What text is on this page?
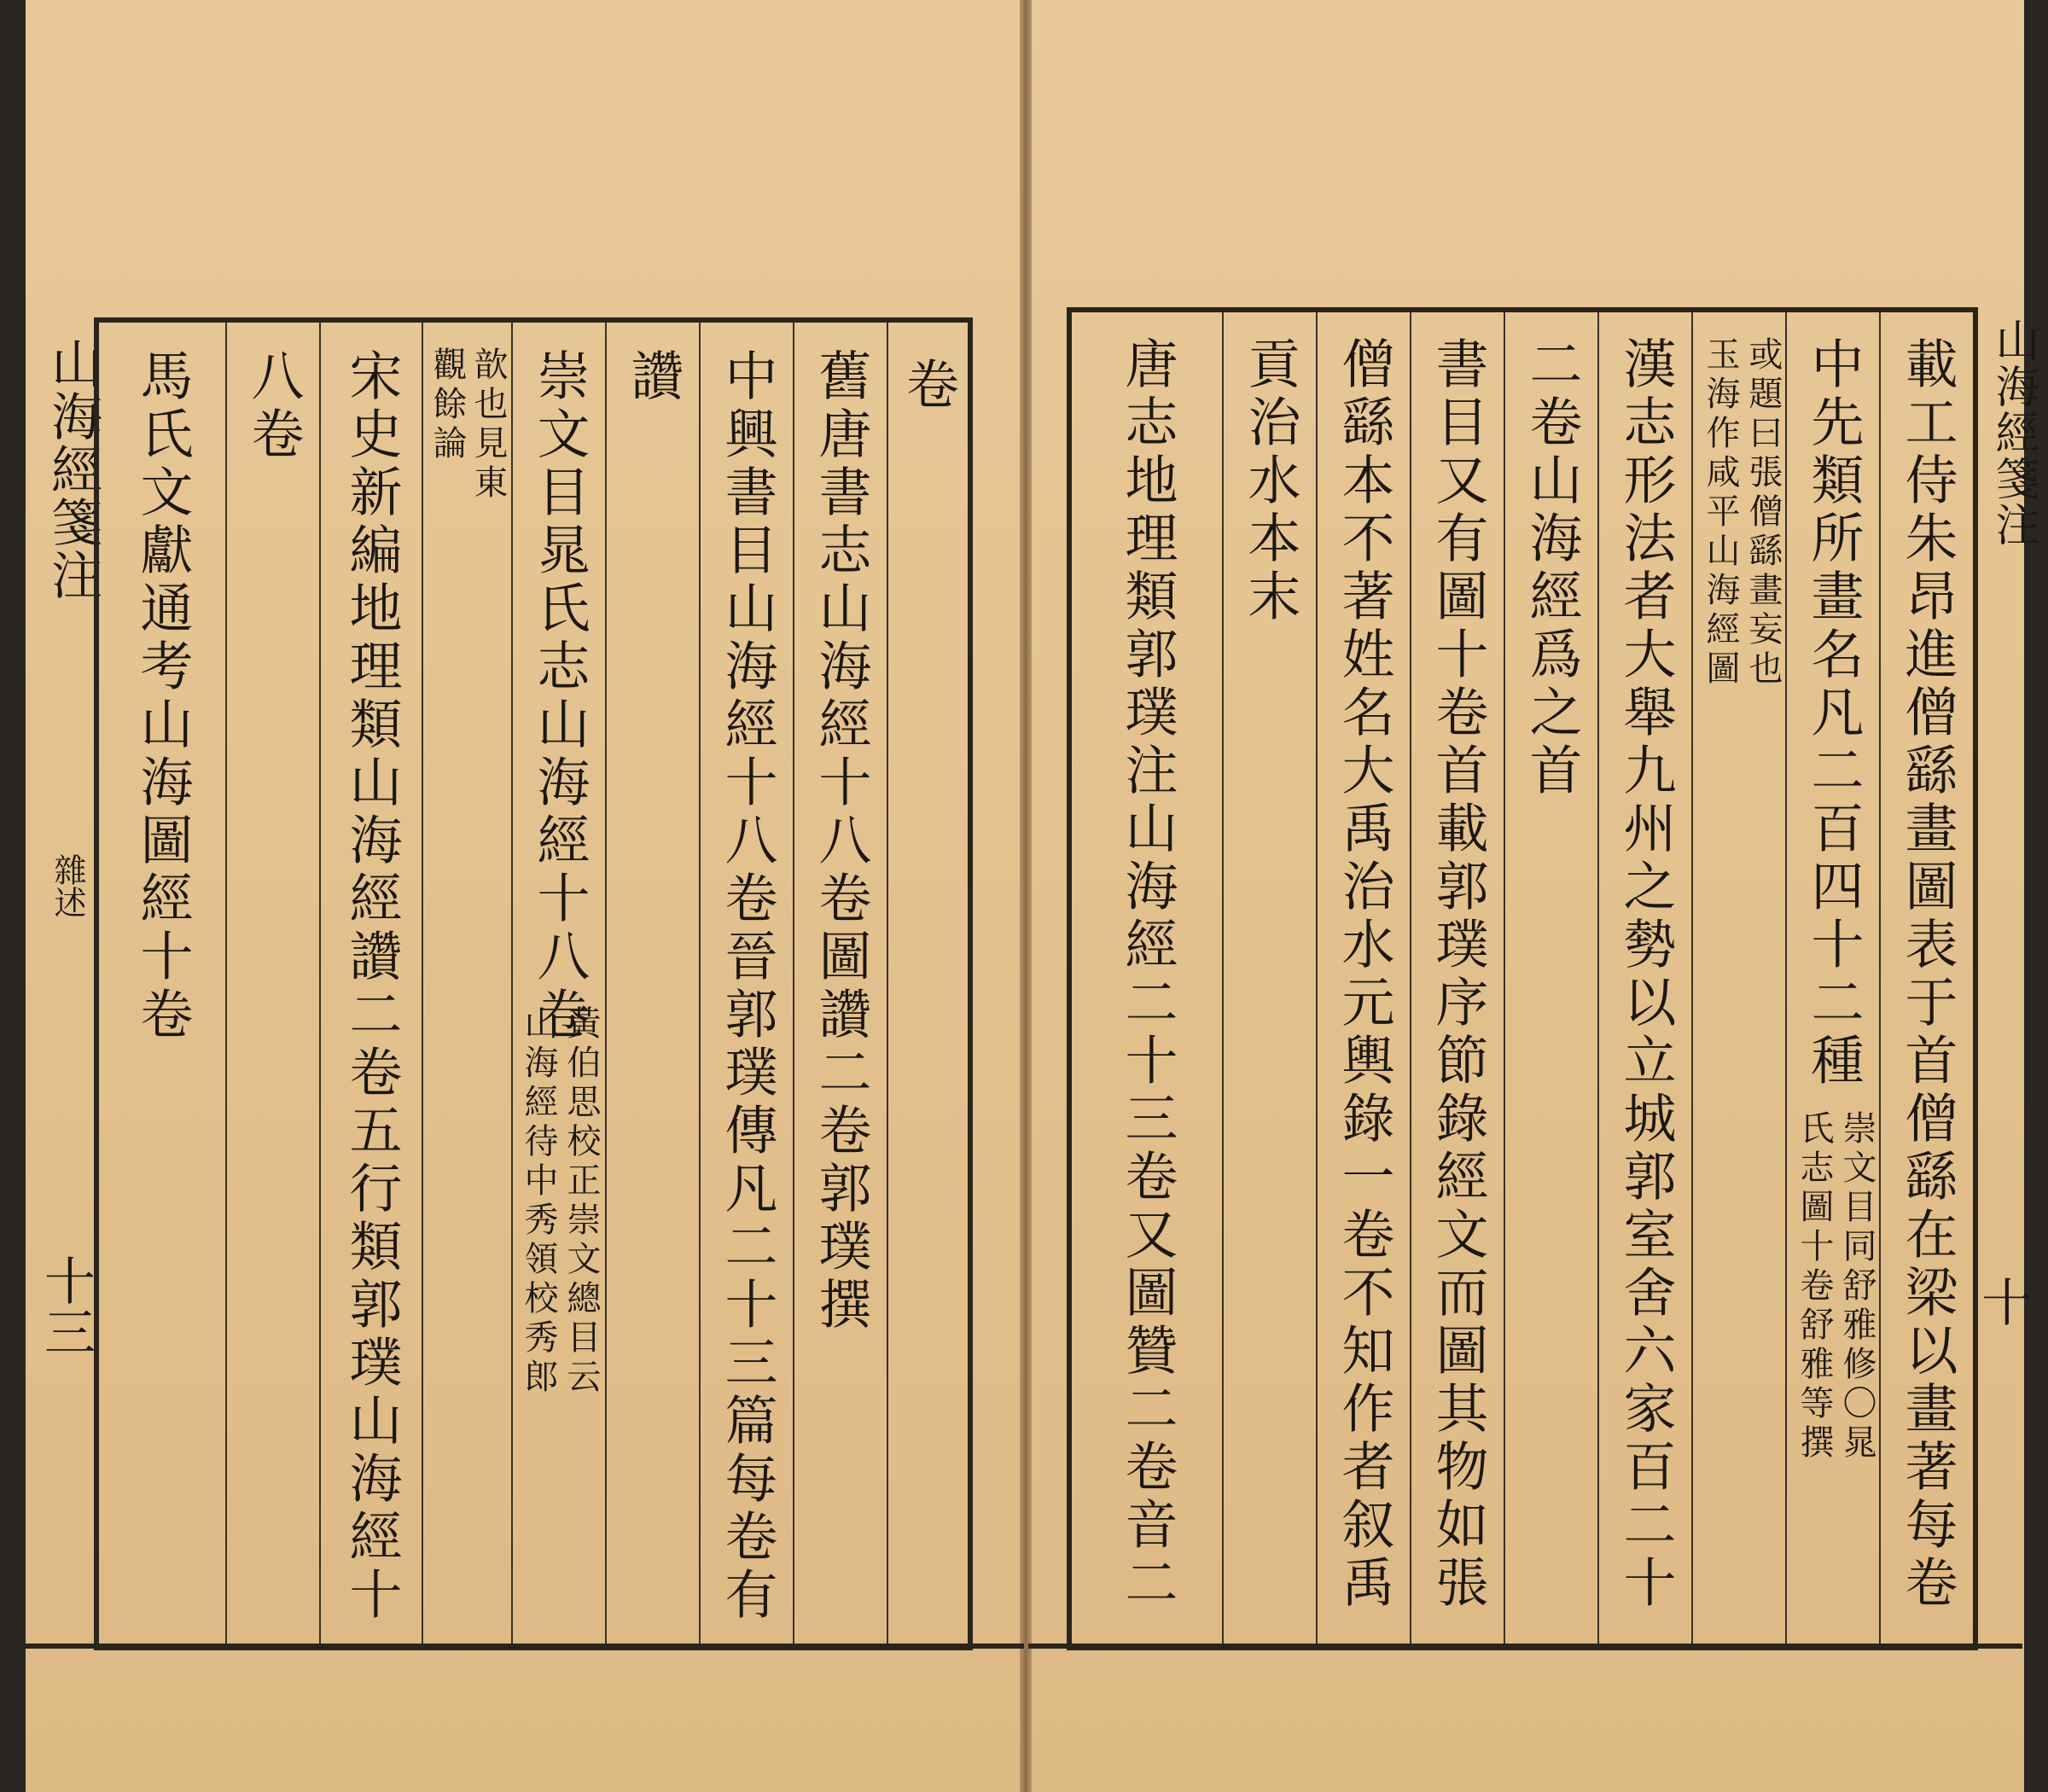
山海經箋注
雜述
十三
卷
舊唐書志山海經十八卷圖讚二卷郭璞撰
中興書目山海經十八卷晉郭璞傳凡二十三篇每卷有
讚
崇文目晁氏志山海經十八卷
黃伯思校正崇文總目云
山海經待中秀領校秀郎
歆也見東
觀餘論
宋史新編地理類山海經讚二卷五行類郭璞山海經十
八卷
馬氏文獻通考山海圖經十卷	山海經箋注
十
載工侍朱昂進僧繇畫圖表于首僧繇在梁以畫著每卷
中先類所畫名凡二百四十二種
崇文目同舒雅修〇晁
氏志圖十卷舒雅等撰
或題曰張僧繇畫妄也
玉海作咸平山海經圖
漢志形法者大舉九州之勢以立城郭室舍六家百二十
二卷山海經爲之首
書目又有圖十卷首載郭璞序節錄經文而圖其物如張
僧繇本不著姓名大禹治水元輿錄一卷不知作者叙禹
貢治水本末
唐志地理類郭璞注山海經二十三卷又圖贊二卷音二
